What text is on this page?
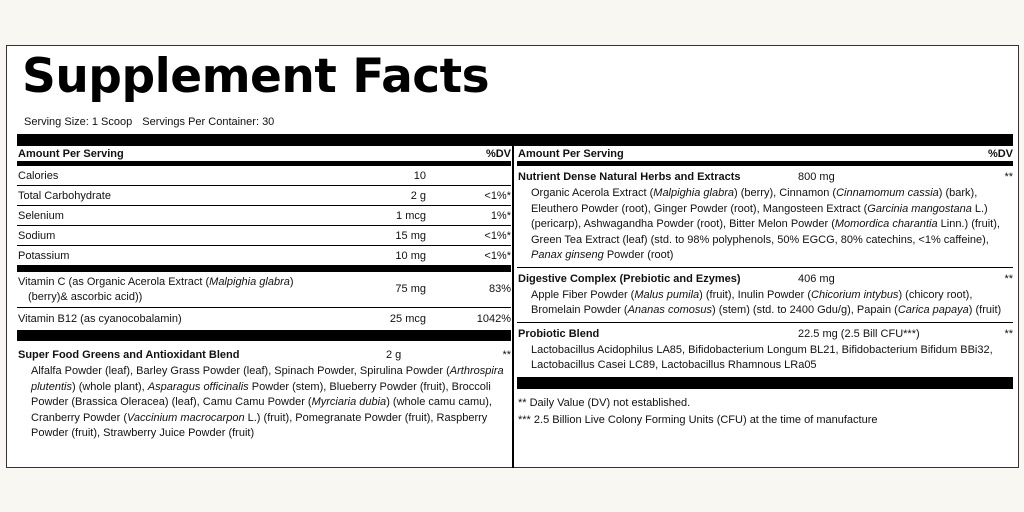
Supplement Facts
Serving Size: 1 Scoop Servings Per Container: 30
Amount Per Serving	%DV
Calories	10
Total Carbohydrate	2 g	<1%*
Selenium	1 mcg	1%*
Sodium	15 mg	<1%*
Potassium	10 mg	<1%*
Vitamin C (as Organic Acerola Extract (Malpighia glabra)
(berry)& ascorbic acid))
75 mg	83%
Vitamin B12 (as cyanocobalamin)	25 mcg	1042%
Super Food Greens and Antioxidant Blend	2 g	**
Alfalfa Powder (leaf), Barley Grass Powder (leaf), Spinach Powder, Spirulina Powder (Arthrospira plutentis) (whole plant), Asparagus officinalis Powder (stem), Blueberry Powder (fruit), Broccoli Powder (Brassica Oleracea) (leaf), Camu Camu Powder (Myrciaria dubia) (whole camu camu), Cranberry Powder (Vaccinium macrocarpon L.) (fruit), Pomegranate Powder (fruit), Raspberry Powder (fruit), Strawberry Juice Powder (fruit)
Amount Per Serving	%DV
Nutrient Dense Natural Herbs and Extracts	800 mg	**
Organic Acerola Extract (Malpighia glabra) (berry), Cinnamon (Cinnamomum cassia) (bark), Eleuthero Powder (root), Ginger Powder (root), Mangosteen Extract (Garcinia mangostana L.) (pericarp), Ashwagandha Powder (root), Bitter Melon Powder (Momordica charantia Linn.) (fruit), Green Tea Extract (leaf) (std. to 98% polyphenols, 50% EGCG, 80% catechins, <1% caffeine), Panax ginseng Powder (root)
Digestive Complex (Prebiotic and Ezymes)	406 mg	**
Apple Fiber Powder (Malus pumila) (fruit), Inulin Powder (Chicorium intybus) (chicory root), Bromelain Powder (Ananas comosus) (stem) (std. to 2400 Gdu/g), Papain (Carica papaya) (fruit)
Probiotic Blend	22.5 mg (2.5 Bill CFU***)	**
Lactobacillus Acidophilus LA85, Bifidobacterium Longum BL21, Bifidobacterium Bifidum BBi32, Lactobacillus Casei LC89, Lactobacillus Rhamnous LRa05
** Daily Value (DV) not established.
*** 2.5 Billion Live Colony Forming Units (CFU) at the time of manufacture
